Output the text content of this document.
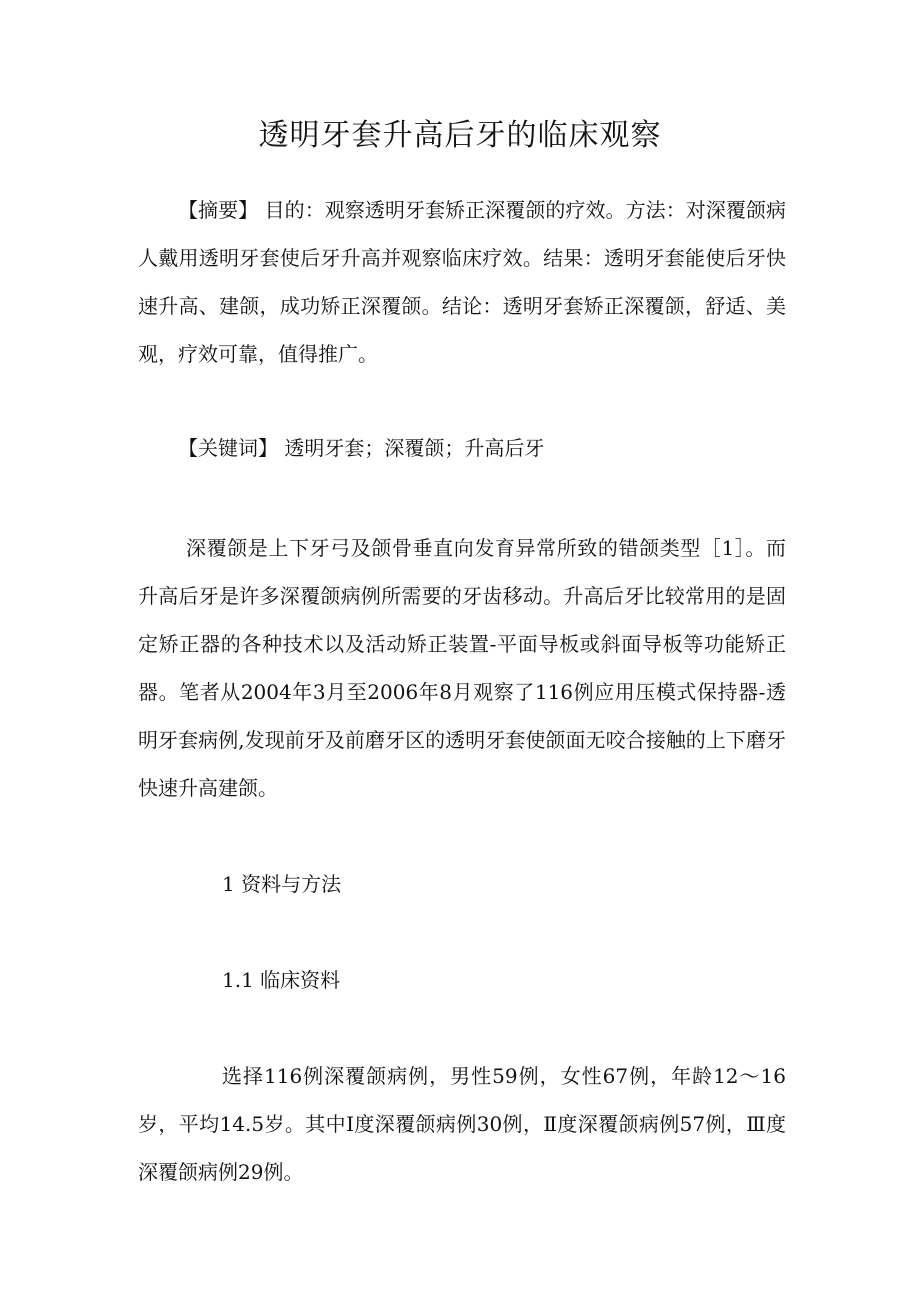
透明牙套升高后牙的临床观察

【摘要】 目的：观察透明牙套矫正深覆颌的疗效。方法：对深覆颌病人戴用透明牙套使后牙升高并观察临床疗效。结果：透明牙套能使后牙快速升高、建颌，成功矫正深覆颌。结论：透明牙套矫正深覆颌，舒适、美观，疗效可靠，值得推广。

【关键词】 透明牙套；深覆颌；升高后牙

深覆颌是上下牙弓及颌骨垂直向发育异常所致的错颌类型［1］。而升高后牙是许多深覆颌病例所需要的牙齿移动。升高后牙比较常用的是固定矫正器的各种技术以及活动矫正装置-平面导板或斜面导板等功能矫正器。笔者从2004年3月至2006年8月观察了116例应用压模式保持器-透明牙套病例,发现前牙及前磨牙区的透明牙套使颌面无咬合接触的上下磨牙快速升高建颌。

1 资料与方法

1.1 临床资料

选择116例深覆颌病例，男性59例，女性67例，年龄12～16岁，平均14.5岁。其中Ⅰ度深覆颌病例30例，Ⅱ度深覆颌病例57例，Ⅲ度深覆颌病例29例。
